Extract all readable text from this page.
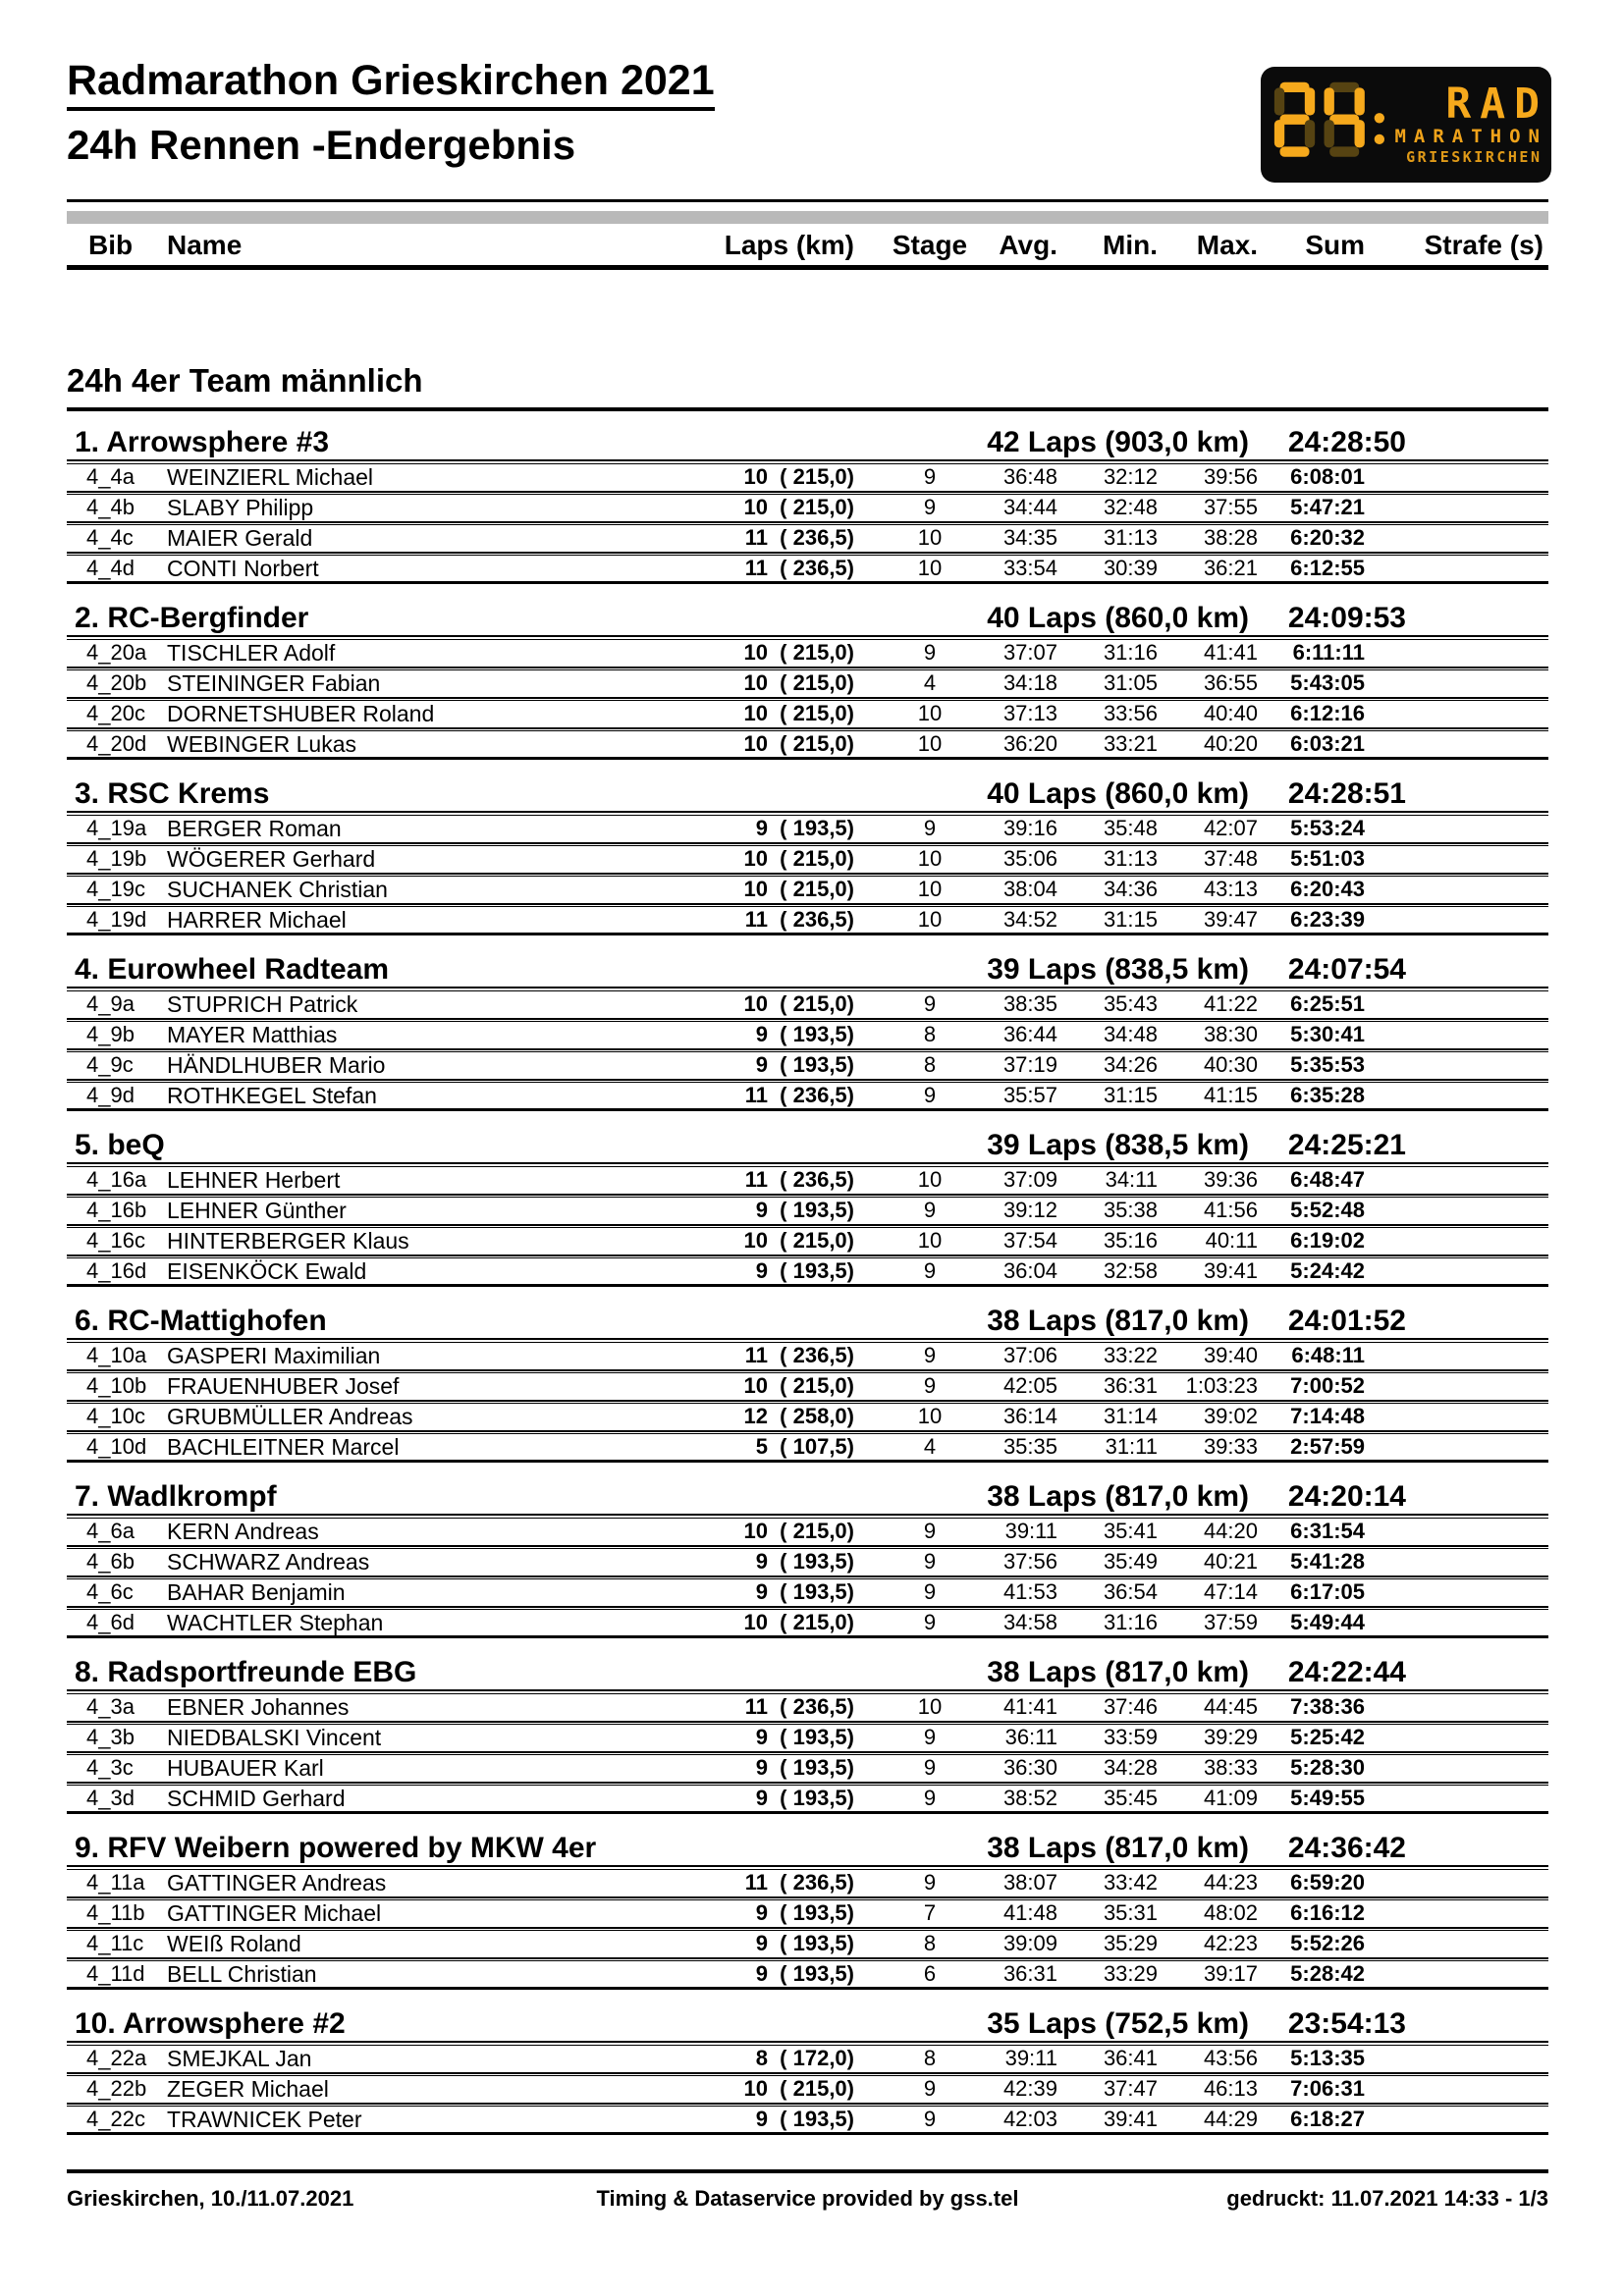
RAD
MARATHON
GRIESKIRCHEN
Radmarathon Grieskirchen 2021
24h Rennen -Endergebnis
Bib	Name	Laps (km)	Stage	Avg.	Min.	Max.	Sum	Strafe (s)
24h 4er Team männlich
1. Arrowsphere #3	42 Laps (903,0 km)	24:28:50
4_4a	WEINZIERL Michael	10  ( 215,0)	9	36:48	32:12	39:56	6:08:01
4_4b	SLABY Philipp	10  ( 215,0)	9	34:44	32:48	37:55	5:47:21
4_4c	MAIER Gerald	11  ( 236,5)	10	34:35	31:13	38:28	6:20:32
4_4d	CONTI Norbert	11  ( 236,5)	10	33:54	30:39	36:21	6:12:55
2. RC-Bergfinder	40 Laps (860,0 km)	24:09:53
4_20a TISCHLER Adolf	10  ( 215,0)	9	37:07	31:16	41:41	6:11:11
4_20b STEININGER Fabian	10  ( 215,0)	4	34:18	31:05	36:55	5:43:05
4_20c DORNETSHUBER Roland	10  ( 215,0)	10	37:13	33:56	40:40	6:12:16
4_20d WEBINGER Lukas	10  ( 215,0)	10	36:20	33:21	40:20	6:03:21
3. RSC Krems	40 Laps (860,0 km)	24:28:51
4_19a BERGER Roman	9  ( 193,5)	9	39:16	35:48	42:07	5:53:24
4_19b WÖGERER Gerhard	10  ( 215,0)	10	35:06	31:13	37:48	5:51:03
4_19c SUCHANEK Christian	10  ( 215,0)	10	38:04	34:36	43:13	6:20:43
4_19d HARRER Michael	11  ( 236,5)	10	34:52	31:15	39:47	6:23:39
4. Eurowheel Radteam	39 Laps (838,5 km)	24:07:54
4_9a	STUPRICH Patrick	10  ( 215,0)	9	38:35	35:43	41:22	6:25:51
4_9b	MAYER Matthias	9  ( 193,5)	8	36:44	34:48	38:30	5:30:41
4_9c	HÄNDLHUBER Mario	9  ( 193,5)	8	37:19	34:26	40:30	5:35:53
4_9d	ROTHKEGEL Stefan	11  ( 236,5)	9	35:57	31:15	41:15	6:35:28
5. beQ	39 Laps (838,5 km)	24:25:21
4_16a LEHNER Herbert	11  ( 236,5)	10	37:09	34:11	39:36	6:48:47
4_16b LEHNER Günther	9  ( 193,5)	9	39:12	35:38	41:56	5:52:48
4_16c HINTERBERGER Klaus	10  ( 215,0)	10	37:54	35:16	40:11	6:19:02
4_16d EISENKÖCK Ewald	9  ( 193,5)	9	36:04	32:58	39:41	5:24:42
6. RC-Mattighofen	38 Laps (817,0 km)	24:01:52
4_10a GASPERI Maximilian	11  ( 236,5)	9	37:06	33:22	39:40	6:48:11
4_10b FRAUENHUBER Josef	10  ( 215,0)	9	42:05	36:31	1:03:23	7:00:52
4_10c GRUBMÜLLER Andreas	12  ( 258,0)	10	36:14	31:14	39:02	7:14:48
4_10d BACHLEITNER Marcel	5  ( 107,5)	4	35:35	31:11	39:33	2:57:59
7. Wadlkrompf	38 Laps (817,0 km)	24:20:14
4_6a	KERN Andreas	10  ( 215,0)	9	39:11	35:41	44:20	6:31:54
4_6b	SCHWARZ Andreas	9  ( 193,5)	9	37:56	35:49	40:21	5:41:28
4_6c	BAHAR Benjamin	9  ( 193,5)	9	41:53	36:54	47:14	6:17:05
4_6d	WACHTLER Stephan	10  ( 215,0)	9	34:58	31:16	37:59	5:49:44
8. Radsportfreunde EBG	38 Laps (817,0 km)	24:22:44
4_3a	EBNER Johannes	11  ( 236,5)	10	41:41	37:46	44:45	7:38:36
4_3b	NIEDBALSKI Vincent	9  ( 193,5)	9	36:11	33:59	39:29	5:25:42
4_3c	HUBAUER Karl	9  ( 193,5)	9	36:30	34:28	38:33	5:28:30
4_3d	SCHMID Gerhard	9  ( 193,5)	9	38:52	35:45	41:09	5:49:55
9. RFV Weibern powered by MKW 4er	38 Laps (817,0 km)	24:36:42
4_11a GATTINGER Andreas	11  ( 236,5)	9	38:07	33:42	44:23	6:59:20
4_11b GATTINGER Michael	9  ( 193,5)	7	41:48	35:31	48:02	6:16:12
4_11c	WEIß Roland	9  ( 193,5)	8	39:09	35:29	42:23	5:52:26
4_11d BELL Christian	9  ( 193,5)	6	36:31	33:29	39:17	5:28:42
10. Arrowsphere #2	35 Laps (752,5 km)	23:54:13
4_22a SMEJKAL Jan	8  ( 172,0)	8	39:11	36:41	43:56	5:13:35
4_22b ZEGER Michael	10  ( 215,0)	9	42:39	37:47	46:13	7:06:31
4_22c TRAWNICEK Peter	9  ( 193,5)	9	42:03	39:41	44:29	6:18:27
Grieskirchen, 10./11.07.2021	Timing & Dataservice provided by gss.tel	gedruckt: 11.07.2021 14:33 - 1/3
